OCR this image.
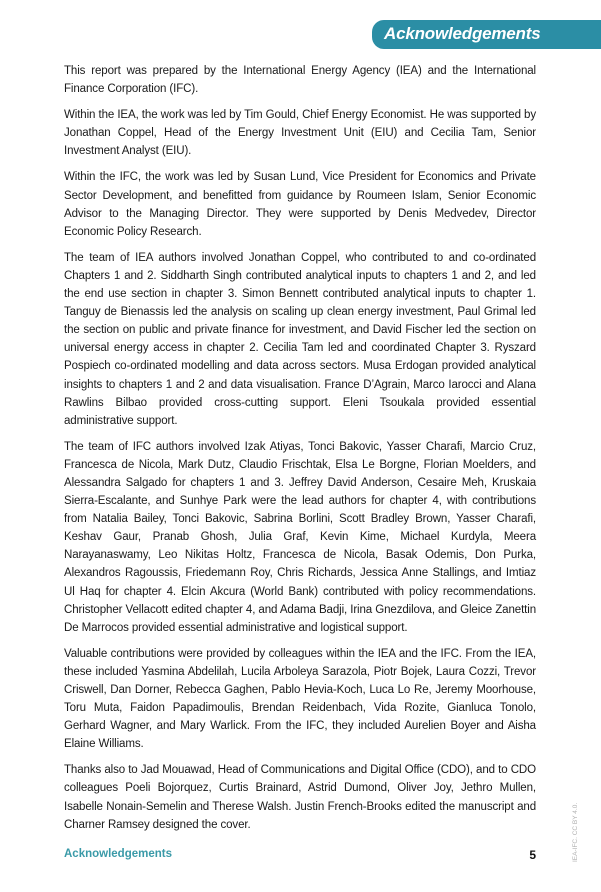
Acknowledgements

This report was prepared by the International Energy Agency (IEA) and the International Finance Corporation (IFC).

Within the IEA, the work was led by Tim Gould, Chief Energy Economist. He was supported by Jonathan Coppel, Head of the Energy Investment Unit (EIU) and Cecilia Tam, Senior Investment Analyst (EIU).

Within the IFC, the work was led by Susan Lund, Vice President for Economics and Private Sector Development, and benefitted from guidance by Roumeen Islam, Senior Economic Advisor to the Managing Director. They were supported by Denis Medvedev, Director Economic Policy Research.

The team of IEA authors involved Jonathan Coppel, who contributed to and co-ordinated Chapters 1 and 2. Siddharth Singh contributed analytical inputs to chapters 1 and 2, and led the end use section in chapter 3. Simon Bennett contributed analytical inputs to chapter 1. Tanguy de Bienassis led the analysis on scaling up clean energy investment, Paul Grimal led the section on public and private finance for investment, and David Fischer led the section on universal energy access in chapter 2. Cecilia Tam led and coordinated Chapter 3. Ryszard Pospiech co-ordinated modelling and data across sectors. Musa Erdogan provided analytical insights to chapters 1 and 2 and data visualisation. France D’Agrain, Marco Iarocci and Alana Rawlins Bilbao provided cross-cutting support. Eleni Tsoukala provided essential administrative support.

The team of IFC authors involved Izak Atiyas, Tonci Bakovic, Yasser Charafi, Marcio Cruz, Francesca de Nicola, Mark Dutz, Claudio Frischtak, Elsa Le Borgne, Florian Moelders, and Alessandra Salgado for chapters 1 and 3. Jeffrey David Anderson, Cesaire Meh, Kruskaia Sierra-Escalante, and Sunhye Park were the lead authors for chapter 4, with contributions from Natalia Bailey, Tonci Bakovic, Sabrina Borlini, Scott Bradley Brown, Yasser Charafi, Keshav Gaur, Pranab Ghosh, Julia Graf, Kevin Kime, Michael Kurdyla, Meera Narayanaswamy, Leo Nikitas Holtz, Francesca de Nicola, Basak Odemis, Don Purka, Alexandros Ragoussis, Friedemann Roy, Chris Richards, Jessica Anne Stallings, and Imtiaz Ul Haq for chapter 4. Elcin Akcura (World Bank) contributed with policy recommendations. Christopher Vellacott edited chapter 4, and Adama Badji, Irina Gnezdilova, and Gleice Zanettin De Marrocos provided essential administrative and logistical support.

Valuable contributions were provided by colleagues within the IEA and the IFC. From the IEA, these included Yasmina Abdelilah, Lucila Arboleya Sarazola, Piotr Bojek, Laura Cozzi, Trevor Criswell, Dan Dorner, Rebecca Gaghen, Pablo Hevia-Koch, Luca Lo Re, Jeremy Moorhouse, Toru Muta, Faidon Papadimoulis, Brendan Reidenbach, Vida Rozite, Gianluca Tonolo, Gerhard Wagner, and Mary Warlick. From the IFC, they included Aurelien Boyer and Aisha Elaine Williams.

Thanks also to Jad Mouawad, Head of Communications and Digital Office (CDO), and to CDO colleagues Poeli Bojorquez, Curtis Brainard, Astrid Dumond, Oliver Joy, Jethro Mullen, Isabelle Nonain-Semelin and Therese Walsh. Justin French-Brooks edited the manuscript and Charner Ramsey designed the cover.

Acknowledgements	5	IEA-IFC. CC BY 4.0.
